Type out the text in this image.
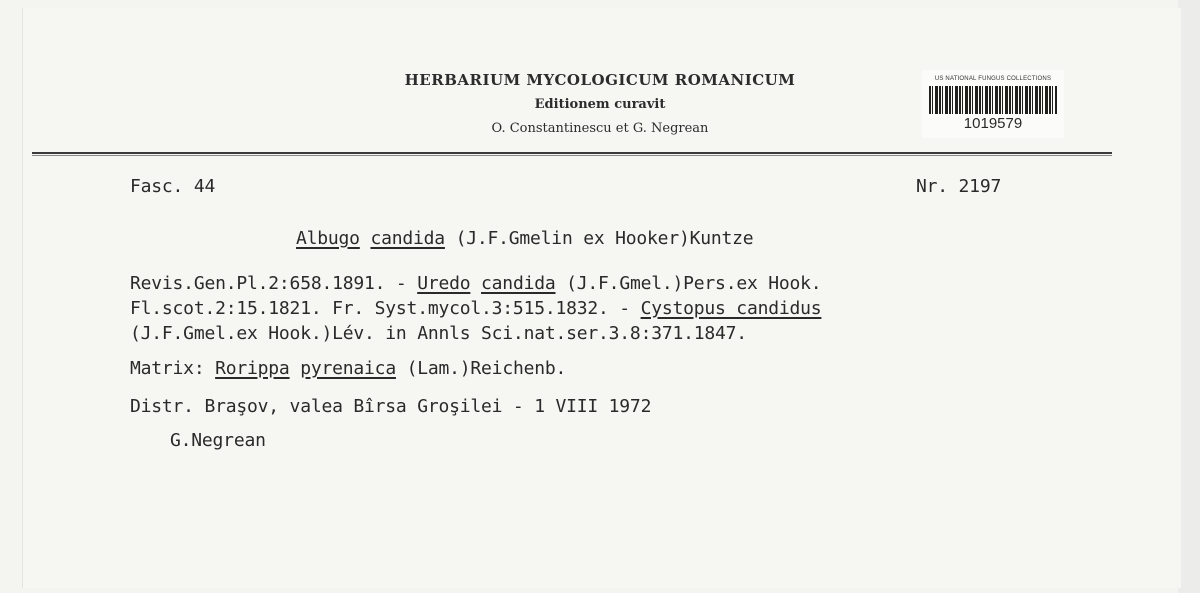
HERBARIUM MYCOLOGICUM ROMANICUM
Editionem curavit
O. Constantinescu et G. Negrean
US NATIONAL FUNGUS COLLECTIONS
1019579
Fasc. 44	Nr. 2197
Albugo candida (J.F.Gmelin ex Hooker)Kuntze
Revis.Gen.Pl.2:658.1891. - Uredo candida (J.F.Gmel.)Pers.ex Hook.
Fl.scot.2:15.1821. Fr. Syst.mycol.3:515.1832. - Cystopus candidus
(J.F.Gmel.ex Hook.)Lév. in Annls Sci.nat.ser.3.8:371.1847.
Matrix: Rorippa pyrenaica (Lam.)Reichenb.
Distr. Braşov, valea Bîrsa Groşilei - 1 VIII 1972
G.Negrean
